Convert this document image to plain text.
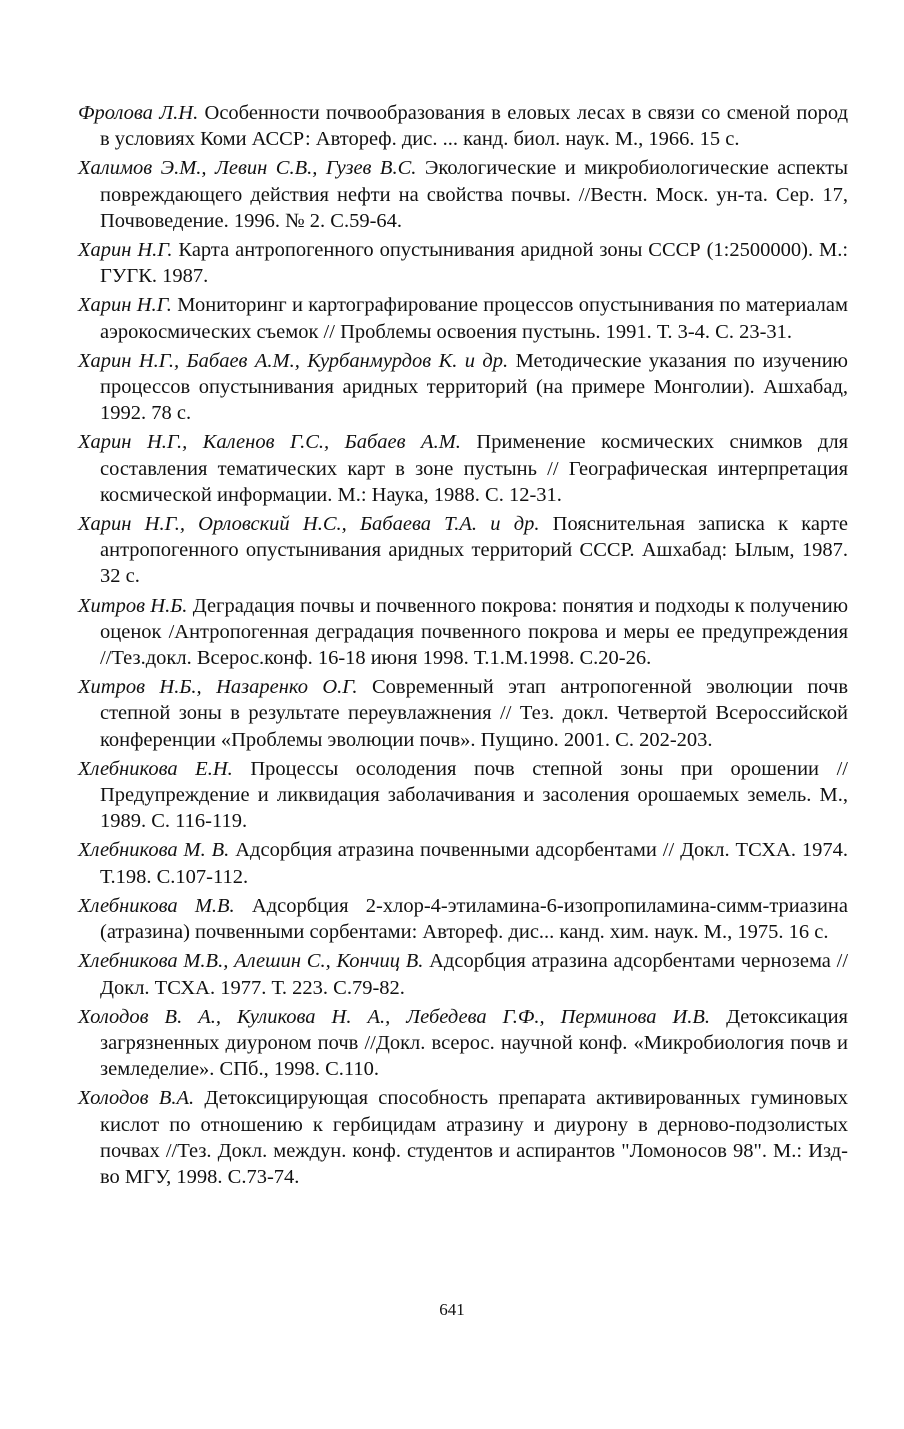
Фролова Л.Н. Особенности почвообразования в еловых лесах в связи со сменой пород в условиях Коми АССР: Автореф. дис. ... канд. биол. наук. М., 1966. 15 с.

Халимов Э.М., Левин С.В., Гузев В.С. Экологические и микробиологические аспекты повреждающего действия нефти на свойства почвы. //Вестн. Моск. ун-та. Сер. 17, Почвоведение. 1996. № 2. С.59-64.

Харин Н.Г. Карта антропогенного опустынивания аридной зоны СССР (1:2500000). М.: ГУГК. 1987.

Харин Н.Г. Мониторинг и картографирование процессов опустынивания по материалам аэрокосмических съемок // Проблемы освоения пустынь. 1991. Т. 3-4. С. 23-31.

Харин Н.Г., Бабаев А.М., Курбанмурдов К. и др. Методические указания по изучению процессов опустынивания аридных территорий (на примере Монголии). Ашхабад, 1992. 78 с.

Харин Н.Г., Каленов Г.С., Бабаев А.М. Применение космических снимков для составления тематических карт в зоне пустынь // Географическая интерпретация космической информации. М.: Наука, 1988. С. 12-31.

Харин Н.Г., Орловский Н.С., Бабаева Т.А. и др. Пояснительная записка к карте антропогенного опустынивания аридных территорий СССР. Ашхабад: Ылым, 1987. 32 с.

Хитров Н.Б. Деградация почвы и почвенного покрова: понятия и подходы к получению оценок /Антропогенная деградация почвенного покрова и меры ее предупреждения //Тез.докл. Всерос.конф. 16-18 июня 1998. Т.1.М.1998. С.20-26.

Хитров Н.Б., Назаренко О.Г. Современный этап антропогенной эволюции почв степной зоны в результате переувлажнения // Тез. докл. Четвертой Всероссийской конференции «Проблемы эволюции почв». Пущино. 2001. С. 202-203.

Хлебникова Е.Н. Процессы осолодения почв степной зоны при орошении // Предупреждение и ликвидация заболачивания и засоления орошаемых земель. М., 1989. С. 116-119.

Хлебникова М. В. Адсорбция атразина почвенными адсорбентами // Докл. ТСХА. 1974. Т.198. С.107-112.

Хлебникова М.В. Адсорбция 2-хлор-4-этиламина-6-изопропиламина-симм-триазина (атразина) почвенными сорбентами: Автореф. дис... канд. хим. наук. М., 1975. 16 с.

Хлебникова М.В., Алешин С., Кончиц В. Адсорбция атразина адсорбентами чернозема // Докл. ТСХА. 1977. Т. 223. С.79-82.

Холодов В. А., Куликова Н. А., Лебедева Г.Ф., Перминова И.В. Детоксикация загрязненных диуроном почв //Докл. всерос. научной конф. «Микробиология почв и земледелие». СПб., 1998. С.110.

Холодов В.А. Детоксицирующая способность препарата активированных гуминовых кислот по отношению к гербицидам атразину и диурону в дерново-подзолистых почвах //Тез. Докл. междун. конф. студентов и аспирантов "Ломоносов 98". М.: Изд-во МГУ, 1998. С.73-74.

641
